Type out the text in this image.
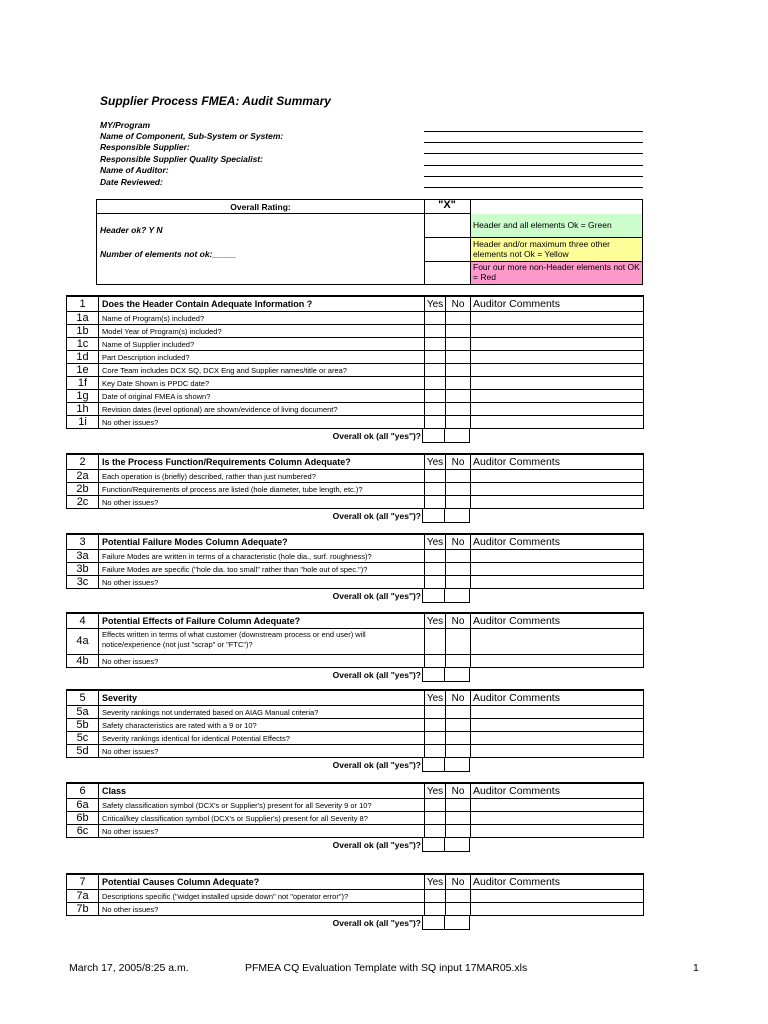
Supplier Process FMEA: Audit Summary
MY/Program
Name of Component, Sub-System or System:
Responsible Supplier:
Responsible Supplier Quality Specialist:
Name of Auditor:
Date Reviewed:
Overall Rating:	"X"
Header ok? Y N
Number of elements not ok:_____
Header and all elements Ok = Green
Header and/or maximum three other elements not Ok = Yellow
Four our more non-Header elements not OK = Red
1	Does the Header Contain Adequate Information ?	Yes	No	Auditor Comments
1a	Name of Program(s) included?			
1b	Model Year of Program(s) included?			
1c	Name of Supplier included?			
1d	Part Description included?			
1e	Core Team includes DCX SQ, DCX Eng and Supplier names/title or area?			
1f	Key Date Shown is PPDC date?			
1g	Date of original FMEA is shown?			
1h	Revision dates (level optional) are shown/evidence of living document?			
1i	No other issues?			
Overall ok (all "yes")?
2	Is the Process Function/Requirements Column Adequate?	Yes	No	Auditor Comments
2a	Each operation is (briefly) described, rather than just numbered?			
2b	Function/Requirements of process are listed (hole diameter, tube length, etc.)?			
2c	No other issues?			
Overall ok (all "yes")?
3	Potential Failure Modes Column Adequate?	Yes	No	Auditor Comments
3a	Failure Modes are written in terms of a characteristic (hole dia., surf. roughness)?			
3b	Failure Modes are specific ("hole dia. too small" rather than "hole out of spec.")?			
3c	No other issues?			
Overall ok (all "yes")?
4	Potential Effects of Failure Column Adequate?	Yes	No	Auditor Comments
4a	Effects written in terms of what customer (downstream process or end user) will notice/experience (not just "scrap" or "FTC")?			
4b	No other issues?			
Overall ok (all "yes")?
5	Severity	Yes	No	Auditor Comments
5a	Severity rankings not underrated based on AIAG Manual criteria?			
5b	Safety characteristics are rated with a 9 or 10?			
5c	Severity rankings identical for identical Potential Effects?			
5d	No other issues?			
Overall ok (all "yes")?
6	Class	Yes	No	Auditor Comments
6a	Safety classification symbol (DCX's or Supplier's) present for all Severity 9 or 10?			
6b	Critical/key classification symbol (DCX's or Supplier's) present for all Severity 8?			
6c	No other issues?			
Overall ok (all "yes")?
7	Potential Causes Column Adequate?	Yes	No	Auditor Comments
7a	Descriptions specific ("widget installed upside down" not "operator error")?			
7b	No other issues?			
Overall ok (all "yes")?
March 17, 2005/8:25 a.m.	PFMEA CQ Evaluation Template with SQ input 17MAR05.xls	1
